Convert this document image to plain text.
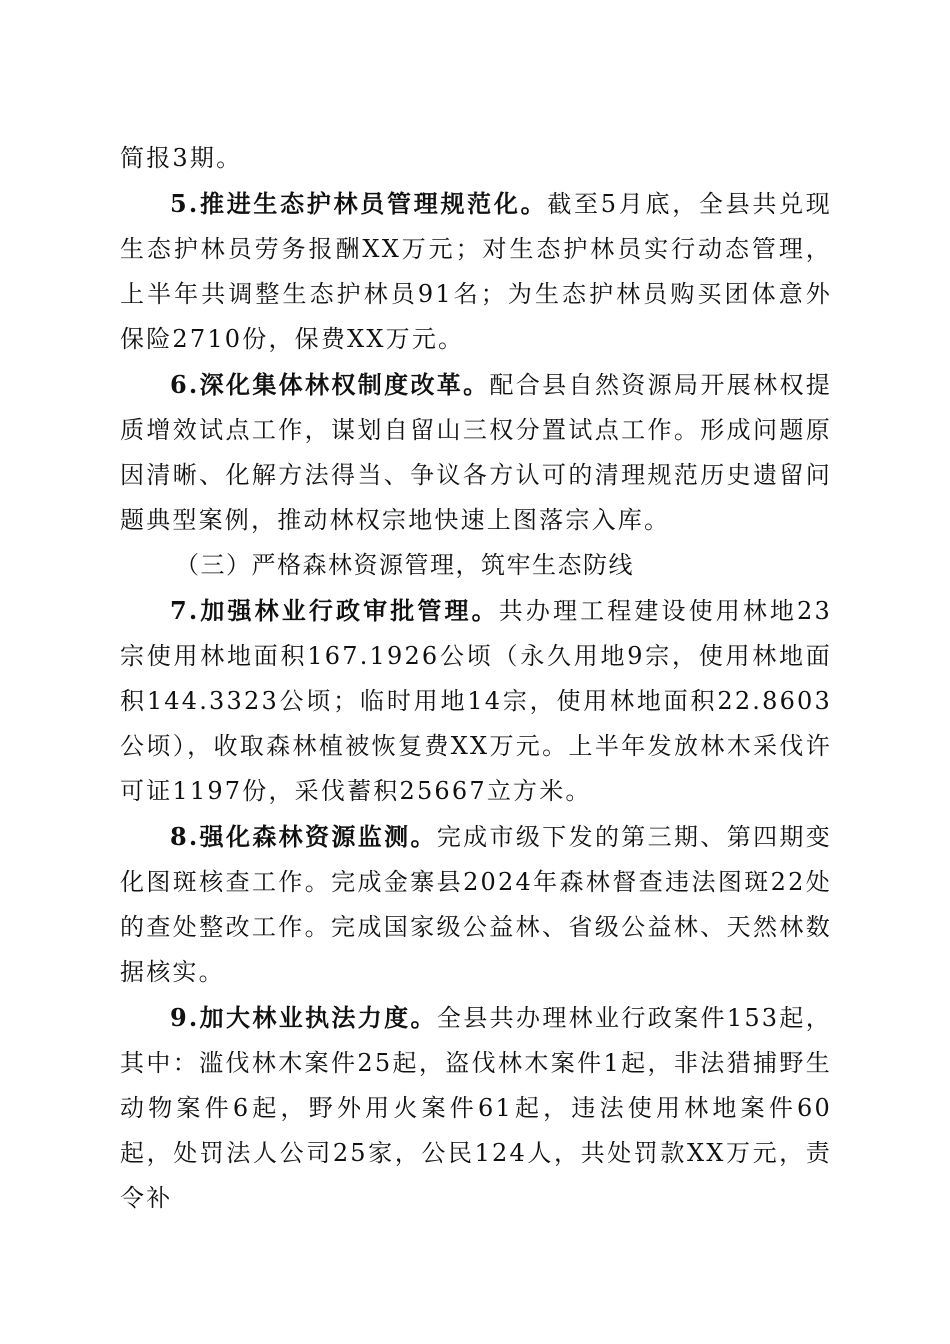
简报3期。

5.推进生态护林员管理规范化。截至5月底，全县共兑现生态护林员劳务报酬XX万元；对生态护林员实行动态管理，上半年共调整生态护林员91名；为生态护林员购买团体意外保险2710份，保费XX万元。

6.深化集体林权制度改革。配合县自然资源局开展林权提质增效试点工作，谋划自留山三权分置试点工作。形成问题原因清晰、化解方法得当、争议各方认可的清理规范历史遗留问题典型案例，推动林权宗地快速上图落宗入库。

（三）严格森林资源管理，筑牢生态防线

7.加强林业行政审批管理。共办理工程建设使用林地23宗使用林地面积167.1926公顷（永久用地9宗，使用林地面积144.3323公顷；临时用地14宗，使用林地面积22.8603公顷），收取森林植被恢复费XX万元。上半年发放林木采伐许可证1197份，采伐蓄积25667立方米。

8.强化森林资源监测。完成市级下发的第三期、第四期变化图斑核查工作。完成金寨县2024年森林督查违法图斑22处的查处整改工作。完成国家级公益林、省级公益林、天然林数据核实。

9.加大林业执法力度。全县共办理林业行政案件153起，其中：滥伐林木案件25起，盗伐林木案件1起，非法猎捕野生动物案件6起，野外用火案件61起，违法使用林地案件60起，处罚法人公司25家，公民124人，共处罚款XX万元，责令补
